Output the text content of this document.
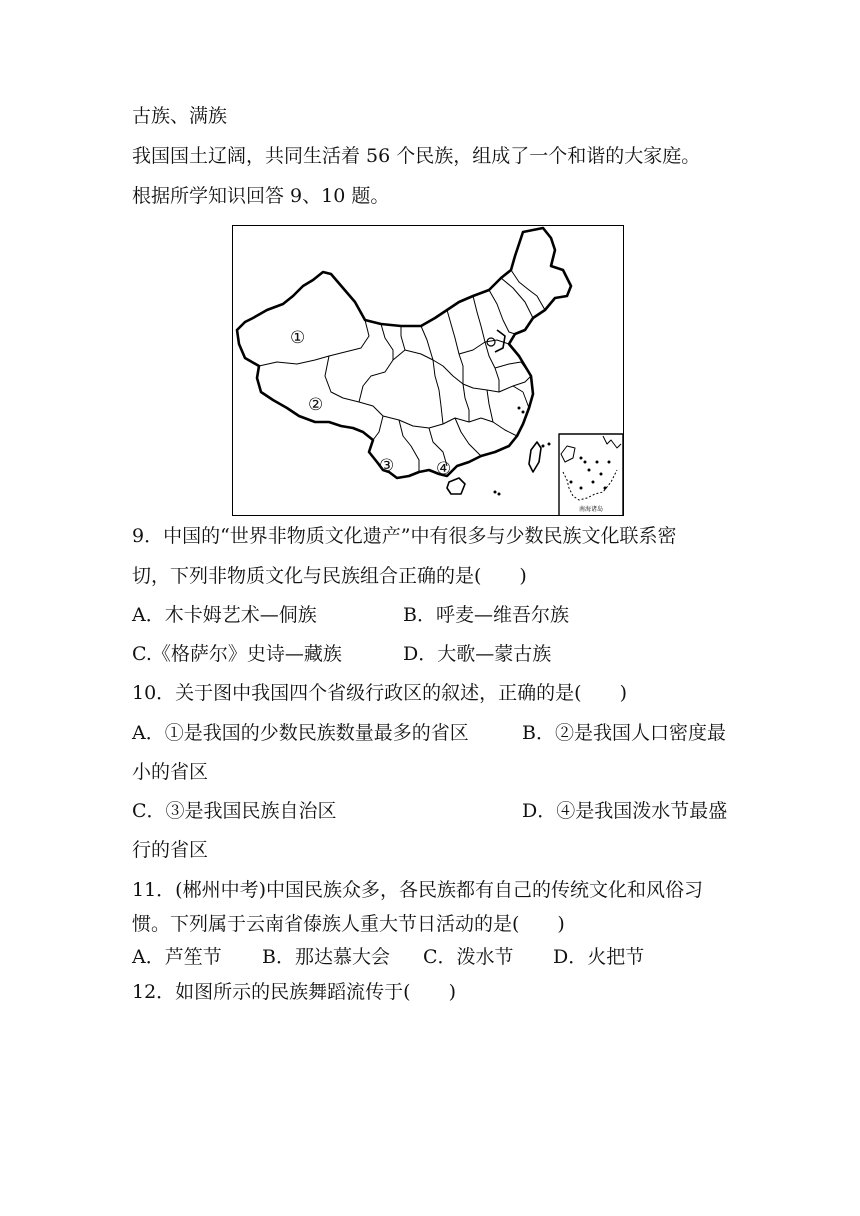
古族、满族
我国国土辽阔，共同生活着 56 个民族，组成了一个和谐的大家庭。
根据所学知识回答 9、10 题。
南海诸岛
①
②
③ ④
9．中国的“世界非物质文化遗产”中有很多与少数民族文化联系密
切，下列非物质文化与民族组合正确的是(　　)
A．木卡姆艺术—侗族	B．呼麦—维吾尔族
C.《格萨尔》史诗—藏族	D．大歌—蒙古族
10．关于图中我国四个省级行政区的叙述，正确的是(　　)
A．①是我国的少数民族数量最多的省区	B．②是我国人口密度最
小的省区
C．③是我国民族自治区	D．④是我国泼水节最盛
行的省区
11．(郴州中考)中国民族众多，各民族都有自己的传统文化和风俗习
惯。下列属于云南省傣族人重大节日活动的是(　　)
A．芦笙节 B．那达慕大会 C．泼水节 D．火把节
12．如图所示的民族舞蹈流传于(　　)
